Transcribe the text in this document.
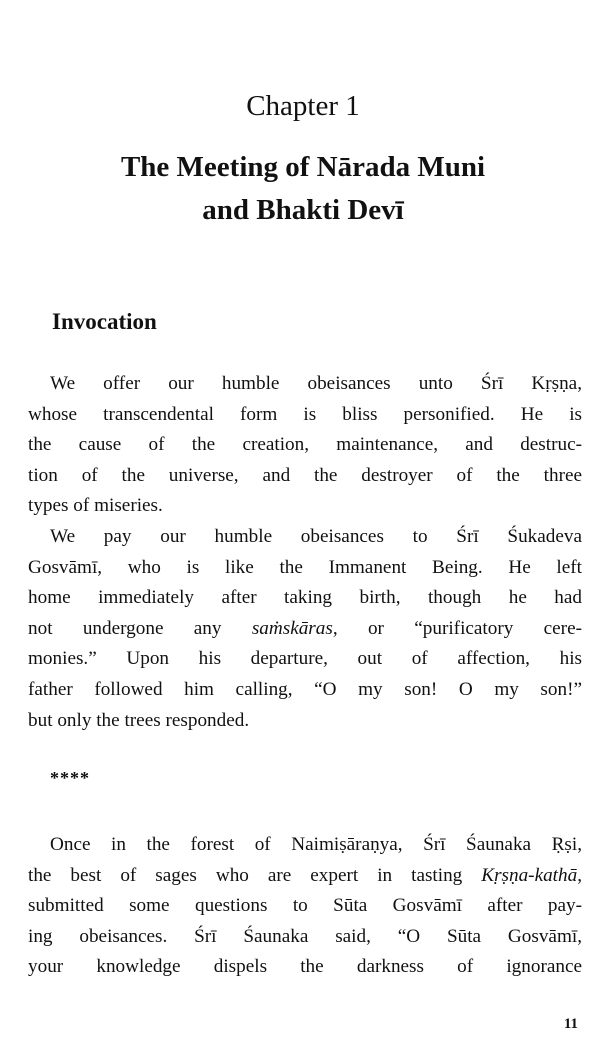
Chapter 1
The Meeting of Nārada Muni
and Bhakti Devī
Invocation
We offer our humble obeisances unto Śrī Kṛṣṇa,
whose transcendental form is bliss personified. He is
the cause of the creation, maintenance, and destruc-
tion of the universe, and the destroyer of the three
types of miseries.
We pay our humble obeisances to Śrī Śukadeva
Gosvāmī, who is like the Immanent Being. He left
home immediately after taking birth, though he had
not undergone any saṁskāras, or “purificatory cere-
monies.” Upon his departure, out of affection, his
father followed him calling, “O my son! O my son!”
but only the trees responded.
****
Once in the forest of Naimiṣāraṇya, Śrī Śaunaka Ṛṣi,
the best of sages who are expert in tasting Kṛṣṇa-kathā,
submitted some questions to Sūta Gosvāmī after pay-
ing obeisances. Śrī Śaunaka said, “O Sūta Gosvāmī,
your knowledge dispels the darkness of ignorance
11
